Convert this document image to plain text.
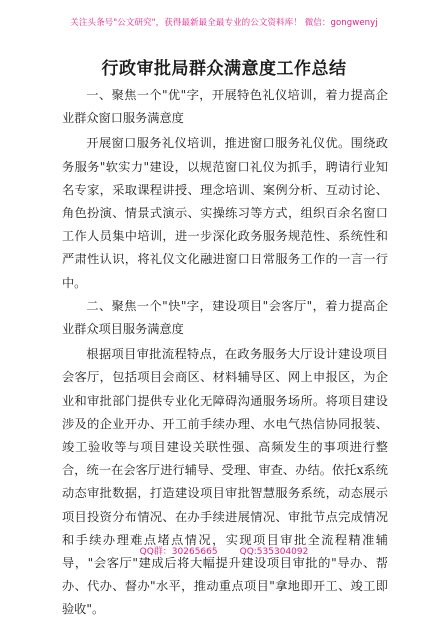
关注头条号"公文研究"，获得最新最全最专业的公文资料库！ 微信：gongwenyj
行政审批局群众满意度工作总结

一、聚焦一个"优"字，开展特色礼仪培训，着力提高企业群众窗口服务满意度

开展窗口服务礼仪培训，推进窗口服务礼仪优。围绕政务服务"软实力"建设，以规范窗口礼仪为抓手，聘请行业知名专家，采取课程讲授、理念培训、案例分析、互动讨论、角色扮演、情景式演示、实操练习等方式，组织百余名窗口工作人员集中培训，进一步深化政务服务规范性、系统性和严肃性认识，将礼仪文化融进窗口日常服务工作的一言一行中。

二、聚焦一个"快"字，建设项目"会客厅"，着力提高企业群众项目服务满意度

根据项目审批流程特点，在政务服务大厅设计建设项目会客厅，包括项目会商区、材料辅导区、网上申报区，为企业和审批部门提供专业化无障碍沟通服务场所。将项目建设涉及的企业开办、开工前手续办理、水电气热信协同报装、竣工验收等与项目建设关联性强、高频发生的事项进行整合，统一在会客厅进行辅导、受理、审查、办结。依托x系统动态审批数据，打造建设项目审批智慧服务系统，动态展示项目投资分布情况、在办手续进展情况、审批节点完成情况和手续办理难点堵点情况，实现项目审批全流程精准辅导，"会客厅"建成后将大幅提升建设项目审批的"导办、帮办、代办、督办"水平，推动重点项目"拿地即开工、竣工即验收"。

QQ群：30265665 QQ:535304092
